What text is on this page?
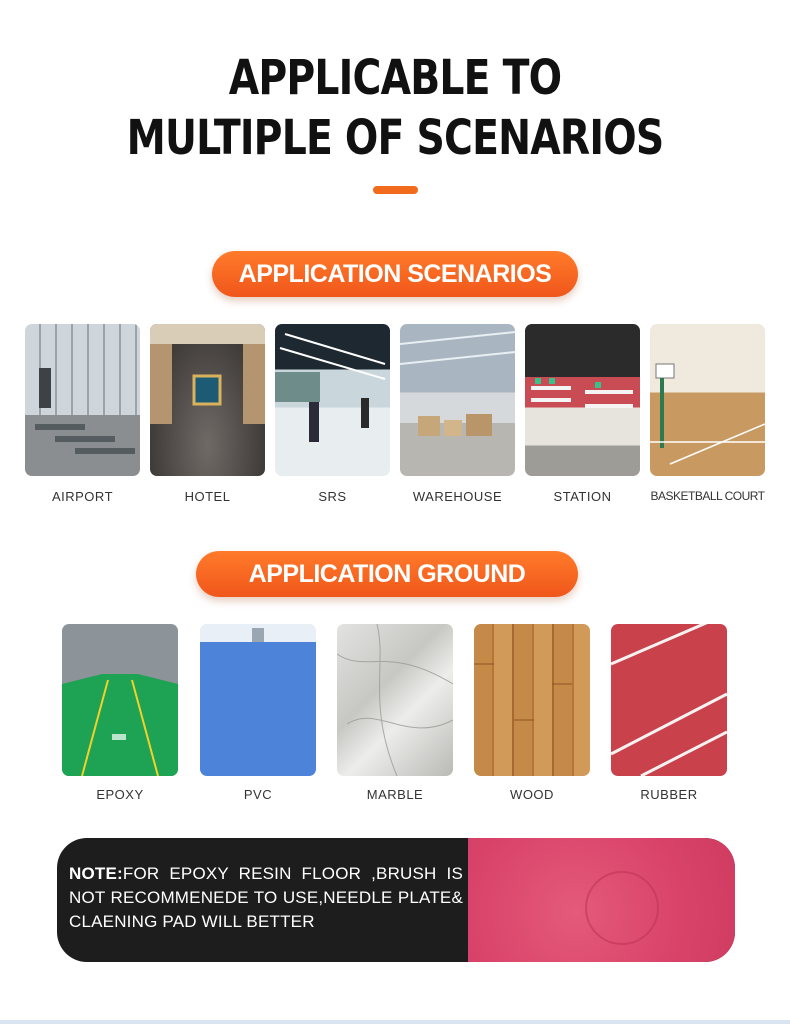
APPLICABLE TO
MULTIPLE OF SCENARIOS
APPLICATION SCENARIOS
AIRPORT	HOTEL	SRS	WAREHOUSE	STATION	BASKETBALL COURT
APPLICATION GROUND
EPOXY	PVC	MARBLE	WOOD	RUBBER
NOTE:FOR EPOXY RESIN FLOOR ,BRUSH IS NOT RECOMMENEDE TO USE,NEEDLE PLATE& CLAENING PAD WILL BETTER
